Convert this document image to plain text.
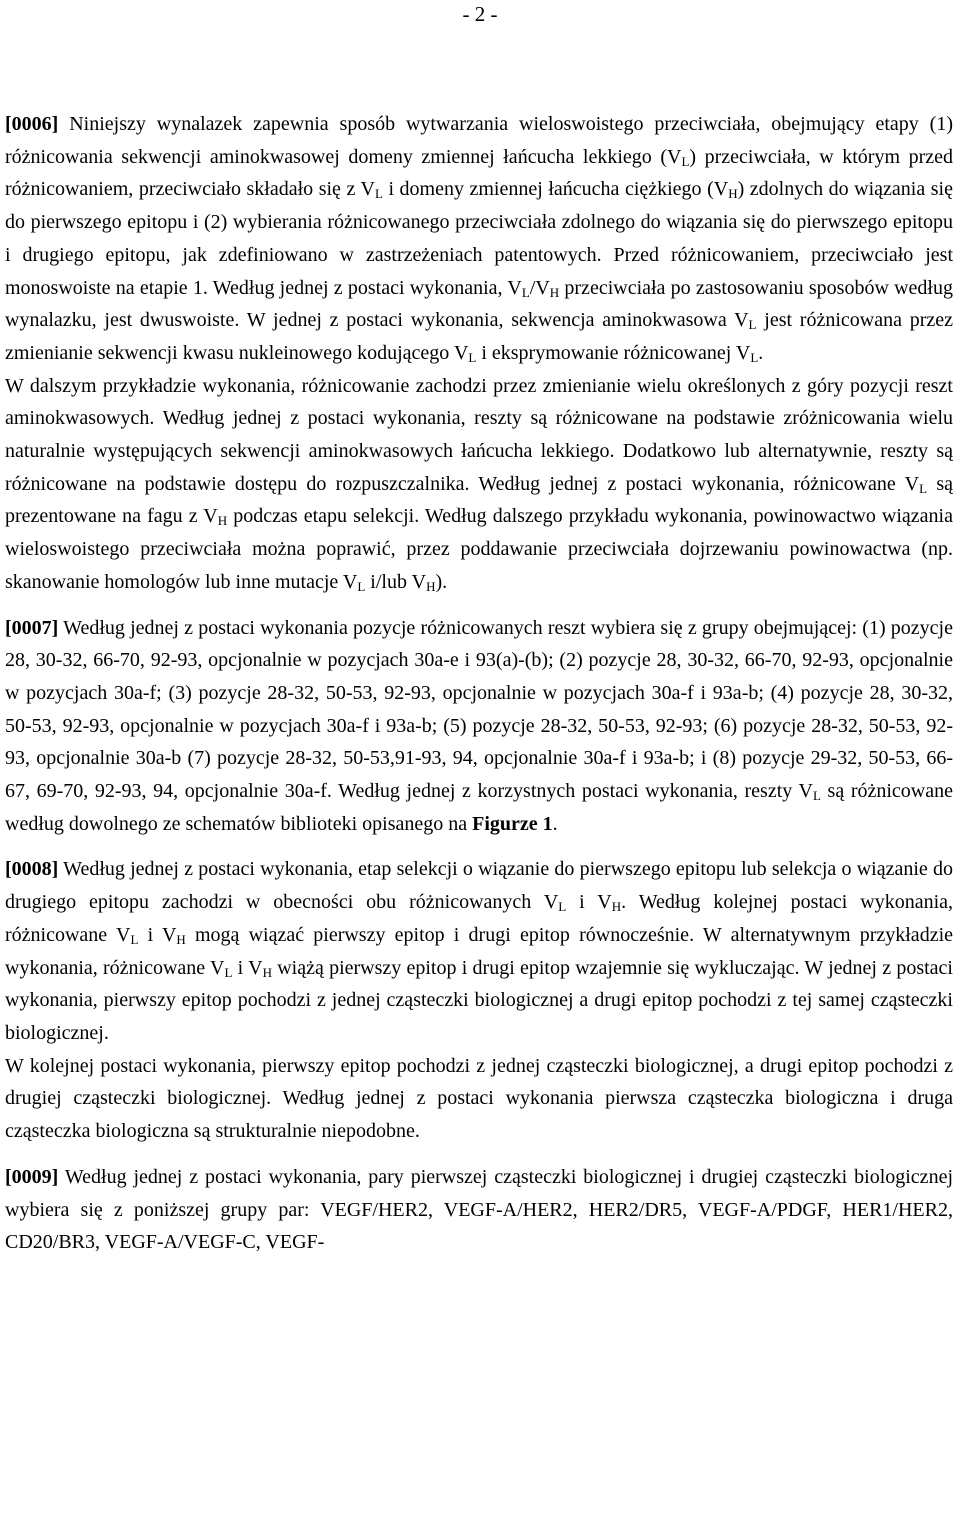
- 2 -

[0006] Niniejszy wynalazek zapewnia sposób wytwarzania wieloswoistego przeciwciała, obejmujący etapy (1) różnicowania sekwencji aminokwasowej domeny zmiennej łańcucha lekkiego $(V_L)$ przeciwciała, w którym przed różnicowaniem, przeciwciało składało się z $V_L$ i domeny zmiennej łańcucha ciężkiego $(V_H)$ zdolnych do wiązania się do pierwszego epitopu i (2) wybierania różnicowanego przeciwciała zdolnego do wiązania się do pierwszego epitopu i drugiego epitopu, jak zdefiniowano w zastrzeżeniach patentowych. Przed różnicowaniem, przeciwciało jest monoswoiste na etapie 1. Według jednej z postaci wykonania, $V_L/V_H$ przeciwciała po zastosowaniu sposobów według wynalazku, jest dwuswoiste. W jednej z postaci wykonania, sekwencja aminokwasowa $V_L$ jest różnicowana przez zmienianie sekwencji kwasu nukleinowego kodującego $V_L$ i eksprymowanie różnicowanej $V_L$.

W dalszym przykładzie wykonania, różnicowanie zachodzi przez zmienianie wielu określonych z góry pozycji reszt aminokwasowych. Według jednej z postaci wykonania, reszty są różnicowane na podstawie zróżnicowania wielu naturalnie występujących sekwencji aminokwasowych łańcucha lekkiego. Dodatkowo lub alternatywnie, reszty są różnicowane na podstawie dostępu do rozpuszczalnika. Według jednej z postaci wykonania, różnicowane $V_L$ są prezentowane na fagu z $V_H$ podczas etapu selekcji. Według dalszego przykładu wykonania, powinowactwo wiązania wieloswoistego przeciwciała można poprawić, przez poddawanie przeciwciała dojrzewaniu powinowactwa (np. skanowanie homologów lub inne mutacje $V_L$ i/lub $V_H$).

[0007] Według jednej z postaci wykonania pozycje różnicowanych reszt wybiera się z grupy obejmującej: (1) pozycje 28, 30-32, 66-70, 92-93, opcjonalnie w pozycjach 30a-e i 93(a)-(b); (2) pozycje 28, 30-32, 66-70, 92-93, opcjonalnie w pozycjach 30a-f; (3) pozycje 28-32, 50-53, 92-93, opcjonalnie w pozycjach 30a-f i 93a-b; (4) pozycje 28, 30-32, 50-53, 92-93, opcjonalnie w pozycjach 30a-f i 93a-b; (5) pozycje 28-32, 50-53, 92-93; (6) pozycje 28-32, 50-53, 92-93, opcjonalnie 30a-b (7) pozycje 28-32, 50-53,91-93, 94, opcjonalnie 30a-f i 93a-b; i (8) pozycje 29-32, 50-53, 66-67, 69-70, 92-93, 94, opcjonalnie 30a-f. Według jednej z korzystnych postaci wykonania, reszty $V_L$ są różnicowane według dowolnego ze schematów biblioteki opisanego na Figurze 1.

[0008] Według jednej z postaci wykonania, etap selekcji o wiązanie do pierwszego epitopu lub selekcja o wiązanie do drugiego epitopu zachodzi w obecności obu różnicowanych $V_L$ i $V_H$. Według kolejnej postaci wykonania, różnicowane $V_L$ i $V_H$ mogą wiązać pierwszy epitop i drugi epitop równocześnie. W alternatywnym przykładzie wykonania, różnicowane $V_L$ i $V_H$ wiążą pierwszy epitop i drugi epitop wzajemnie się wykluczając. W jednej z postaci wykonania, pierwszy epitop pochodzi z jednej cząsteczki biologicznej a drugi epitop pochodzi z tej samej cząsteczki biologicznej.

W kolejnej postaci wykonania, pierwszy epitop pochodzi z jednej cząsteczki biologicznej, a drugi epitop pochodzi z drugiej cząsteczki biologicznej. Według jednej z postaci wykonania pierwsza cząsteczka biologiczna i druga cząsteczka biologiczna są strukturalnie niepodobne.

[0009] Według jednej z postaci wykonania, pary pierwszej cząsteczki biologicznej i drugiej cząsteczki biologicznej wybiera się z poniższej grupy par: VEGF/HER2, VEGF-A/HER2, HER2/DR5, VEGF-A/PDGF, HER1/HER2, CD20/BR3, VEGF-A/VEGF-C, VEGF-
